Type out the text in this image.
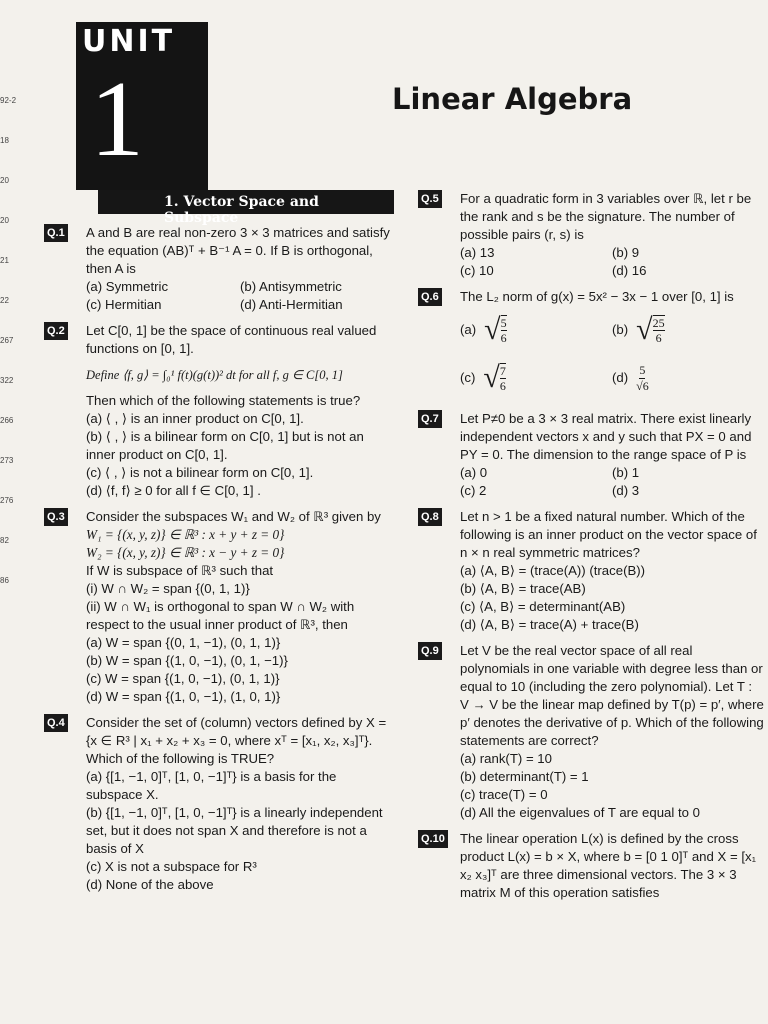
92-2
18
20
20
21
22
267
322
266
273
276
82
86
UNIT
1	Linear Algebra
1. Vector Space and Subspace
Q.1 A and B are real non-zero 3 × 3 matrices and satisfy the equation (AB)ᵀ + B⁻¹ A = 0. If B is orthogonal, then A is
(a) Symmetric	(b) Antisymmetric
(c) Hermitian	(d) Anti-Hermitian
Q.2 Let C[0, 1] be the space of continuous real valued functions on [0, 1].
Define ⟨f, g⟩ = ∫₀¹ f(t)(g(t))² dt for all f, g ∈ C[0, 1]
Then which of the following statements is true?
(a) ⟨ , ⟩ is an inner product on C[0, 1].
(b) ⟨ , ⟩ is a bilinear form on C[0, 1] but is not an inner product on C[0, 1].
(c) ⟨ , ⟩ is not a bilinear form on C[0, 1].
(d) ⟨f, f⟩ ≥ 0 for all f ∈ C[0, 1] .
Q.3 Consider the subspaces W₁ and W₂ of ℝ³ given by
W₁ = {(x, y, z)} ∈ ℝ³ : x + y + z = 0}
W₂ = {(x, y, z)} ∈ ℝ³ : x − y + z = 0}
If W is subspace of ℝ³ such that
(i) W ∩ W₂ = span {(0, 1, 1)}
(ii) W ∩ W₁ is orthogonal to span W ∩ W₂ with respect to the usual inner product of ℝ³, then
(a) W = span {(0, 1, −1), (0, 1, 1)}
(b) W = span {(1, 0, −1), (0, 1, −1)}
(c) W = span {(1, 0, −1), (0, 1, 1)}
(d) W = span {(1, 0, −1), (1, 0, 1)}
Q.4 Consider the set of (column) vectors defined by X = {x ∈ R³ | x₁ + x₂ + x₃ = 0, where xᵀ = [x₁, x₂, x₃]ᵀ}. Which of the following is TRUE?
(a) {[1, −1, 0]ᵀ, [1, 0, −1]ᵀ} is a basis for the subspace X.
(b) {[1, −1, 0]ᵀ, [1, 0, −1]ᵀ} is a linearly independent set, but it does not span X and therefore is not a basis of X
(c) X is not a subspace for R³
(d) None of the above
Q.5 For a quadratic form in 3 variables over ℝ, let r be the rank and s be the signature. The number of possible pairs (r, s) is
(a) 13	(b) 9
(c) 10	(d) 16
Q.6 The L₂ norm of g(x) = 5x² − 3x − 1 over [0, 1] is
(a) √ $\frac{5}{6}$	(b) √ $\frac{25}{6}$
(c) √ $\frac{7}{6}$	$(d) \frac{5}{√6}$
Q.7 Let P≠0 be a 3 × 3 real matrix. There exist linearly independent vectors x and y such that PX = 0 and PY = 0. The dimension to the range space of P is
(a) 0	(b) 1
(c) 2	(d) 3
Q.8 Let n > 1 be a fixed natural number. Which of the following is an inner product on the vector space of n × n real symmetric matrices?
(a) ⟨A, B⟩ = (trace(A)) (trace(B))
(b) ⟨A, B⟩ = trace(AB)
(c) ⟨A, B⟩ = determinant(AB)
(d) ⟨A, B⟩ = trace(A) + trace(B)
Q.9 Let V be the real vector space of all real polynomials in one variable with degree less than or equal to 10 (including the zero polynomial). Let T : V → V be the linear map defined by T(p) = p′, where p′ denotes the derivative of p. Which of the following statements are correct?
(a) rank(T) = 10
(b) determinant(T) = 1
(c) trace(T) = 0
(d) All the eigenvalues of T are equal to 0
Q.10 The linear operation L(x) is defined by the cross product L(x) = b × X, where b = [0 1 0]ᵀ and X = [x₁ x₂ x₃]ᵀ are three dimensional vectors. The 3 × 3 matrix M of this operation satisfies
